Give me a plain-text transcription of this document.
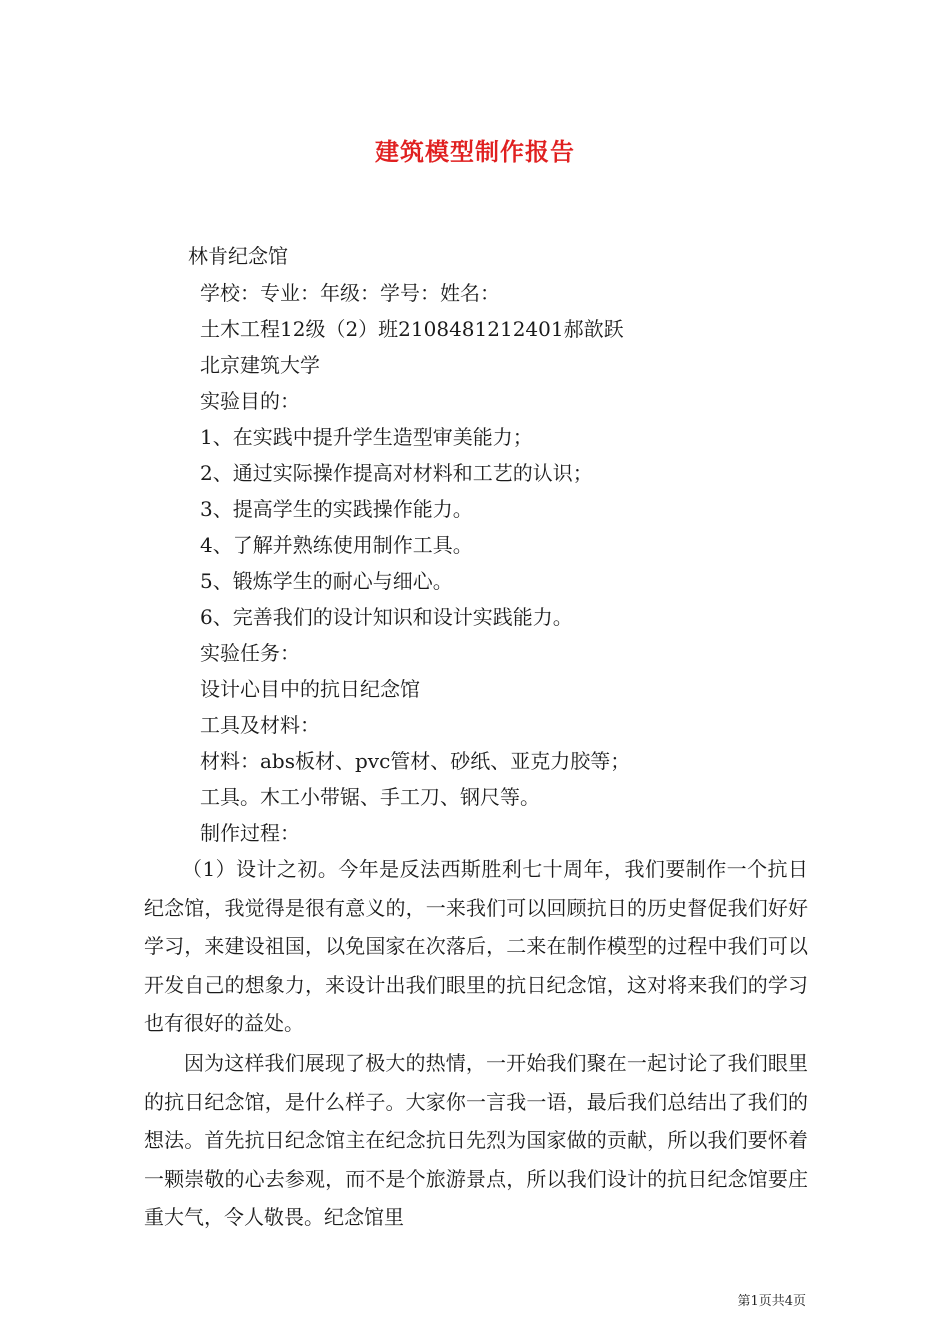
建筑模型制作报告
林肯纪念馆
学校：专业：年级：学号：姓名：
土木工程12级（2）班2108481212401郝歆跃
北京建筑大学
实验目的：
1、在实践中提升学生造型审美能力；
2、通过实际操作提高对材料和工艺的认识；
3、提高学生的实践操作能力。
4、了解并熟练使用制作工具。
5、锻炼学生的耐心与细心。
6、完善我们的设计知识和设计实践能力。
实验任务：
设计心目中的抗日纪念馆
工具及材料：
材料：abs板材、pvc管材、砂纸、亚克力胶等；
工具。木工小带锯、手工刀、钢尺等。
制作过程：

（1）设计之初。今年是反法西斯胜利七十周年，我们要制作一个抗日纪念馆，我觉得是很有意义的，一来我们可以回顾抗日的历史督促我们好好学习，来建设祖国，以免国家在次落后，二来在制作模型的过程中我们可以开发自己的想象力，来设计出我们眼里的抗日纪念馆，这对将来我们的学习也有很好的益处。

因为这样我们展现了极大的热情，一开始我们聚在一起讨论了我们眼里的抗日纪念馆，是什么样子。大家你一言我一语，最后我们总结出了我们的想法。首先抗日纪念馆主在纪念抗日先烈为国家做的贡献，所以我们要怀着一颗崇敬的心去参观，而不是个旅游景点，所以我们设计的抗日纪念馆要庄重大气，令人敬畏。纪念馆里

第1页共4页
